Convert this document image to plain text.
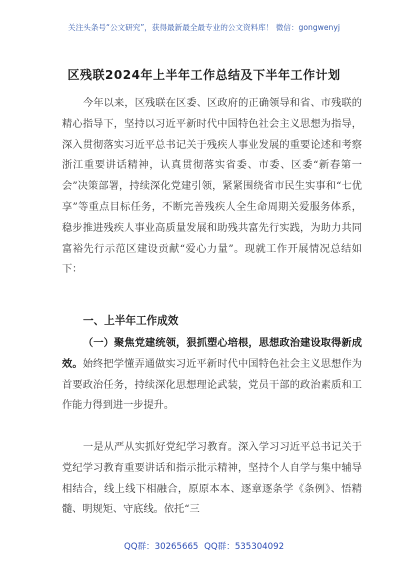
关注头条号“公文研究”，获得最新最全最专业的公文资料库！ 微信：gongwenyj
区残联2024年上半年工作总结及下半年工作计划
今年以来，区残联在区委、区政府的正确领导和省、市残联的精心指导下，坚持以习近平新时代中国特色社会主义思想为指导，深入贯彻落实习近平总书记关于残疾人事业发展的重要论述和考察浙江重要讲话精神，认真贯彻落实省委、市委、区委“新春第一会”决策部署，持续深化党建引领，紧紧围绕省市民生实事和“七优享”等重点目标任务，不断完善残疾人全生命周期关爱服务体系，稳步推进残疾人事业高质量发展和助残共富先行实践，为助力共同富裕先行示范区建设贡献“爱心力量”。现就工作开展情况总结如下：
一、上半年工作成效
（一）聚焦党建统领，狠抓塑心培根，思想政治建设取得新成效。始终把学懂弄通做实习近平新时代中国特色社会主义思想作为首要政治任务，持续深化思想理论武装，党员干部的政治素质和工作能力得到进一步提升。
一是从严从实抓好党纪学习教育。深入学习习近平总书记关于党纪学习教育重要讲话和指示批示精神，坚持个人自学与集中辅导相结合，线上线下相融合，原原本本、逐章逐条学《条例》、悟精髓、明规矩、守底线。依托“三
QQ群：30265665 QQ群：535304092
